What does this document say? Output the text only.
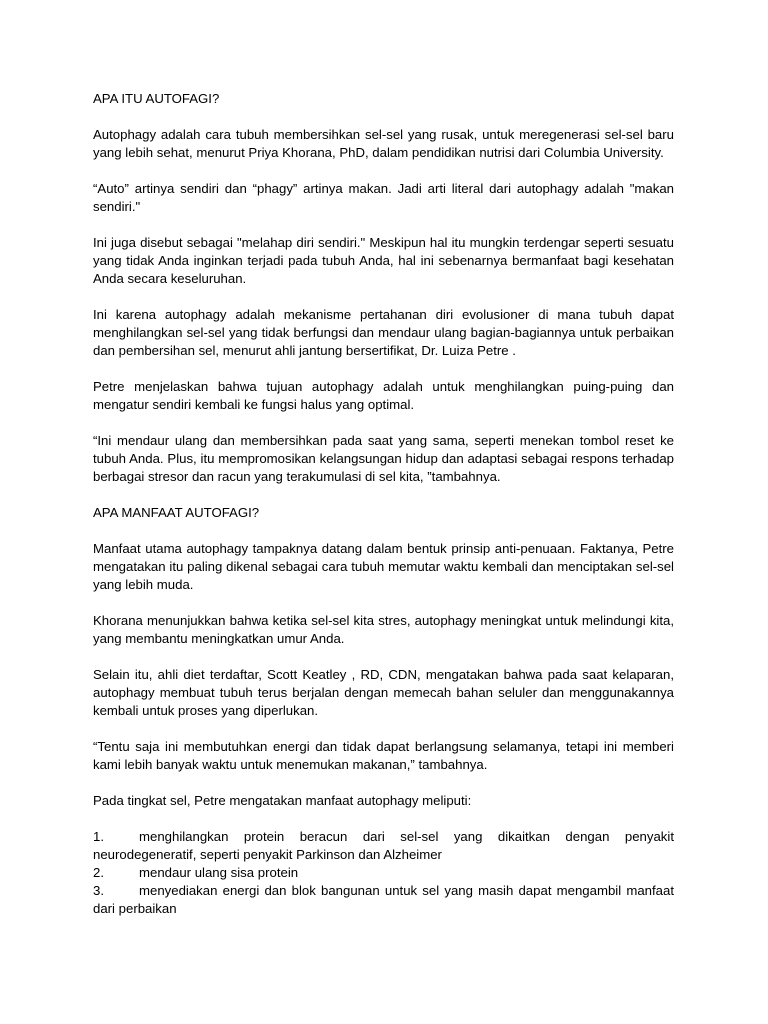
APA ITU AUTOFAGI?

Autophagy adalah cara tubuh membersihkan sel-sel yang rusak, untuk meregenerasi sel-sel baru yang lebih sehat, menurut Priya Khorana, PhD, dalam pendidikan nutrisi dari Columbia University.

“Auto” artinya sendiri dan “phagy” artinya makan. Jadi arti literal dari autophagy adalah "makan sendiri."

Ini juga disebut sebagai "melahap diri sendiri." Meskipun hal itu mungkin terdengar seperti sesuatu yang tidak Anda inginkan terjadi pada tubuh Anda, hal ini sebenarnya bermanfaat bagi kesehatan Anda secara keseluruhan.

Ini karena autophagy adalah mekanisme pertahanan diri evolusioner di mana tubuh dapat menghilangkan sel-sel yang tidak berfungsi dan mendaur ulang bagian-bagiannya untuk perbaikan dan pembersihan sel, menurut ahli jantung bersertifikat, Dr. Luiza Petre .

Petre menjelaskan bahwa tujuan autophagy adalah untuk menghilangkan puing-puing dan mengatur sendiri kembali ke fungsi halus yang optimal.

“Ini mendaur ulang dan membersihkan pada saat yang sama, seperti menekan tombol reset ke tubuh Anda. Plus, itu mempromosikan kelangsungan hidup dan adaptasi sebagai respons terhadap berbagai stresor dan racun yang terakumulasi di sel kita, ”tambahnya.

APA MANFAAT AUTOFAGI?

Manfaat utama autophagy tampaknya datang dalam bentuk prinsip anti-penuaan. Faktanya, Petre mengatakan itu paling dikenal sebagai cara tubuh memutar waktu kembali dan menciptakan sel-sel yang lebih muda.

Khorana menunjukkan bahwa ketika sel-sel kita stres, autophagy meningkat untuk melindungi kita, yang membantu meningkatkan umur Anda.

Selain itu, ahli diet terdaftar, Scott Keatley , RD, CDN, mengatakan bahwa pada saat kelaparan, autophagy membuat tubuh terus berjalan dengan memecah bahan seluler dan menggunakannya kembali untuk proses yang diperlukan.

“Tentu saja ini membutuhkan energi dan tidak dapat berlangsung selamanya, tetapi ini memberi kami lebih banyak waktu untuk menemukan makanan,” tambahnya.

Pada tingkat sel, Petre mengatakan manfaat autophagy meliputi:

1.	menghilangkan protein beracun dari sel-sel yang dikaitkan dengan penyakit neurodegeneratif, seperti penyakit Parkinson dan Alzheimer
2.	mendaur ulang sisa protein
3.	menyediakan energi dan blok bangunan untuk sel yang masih dapat mengambil manfaat dari perbaikan
